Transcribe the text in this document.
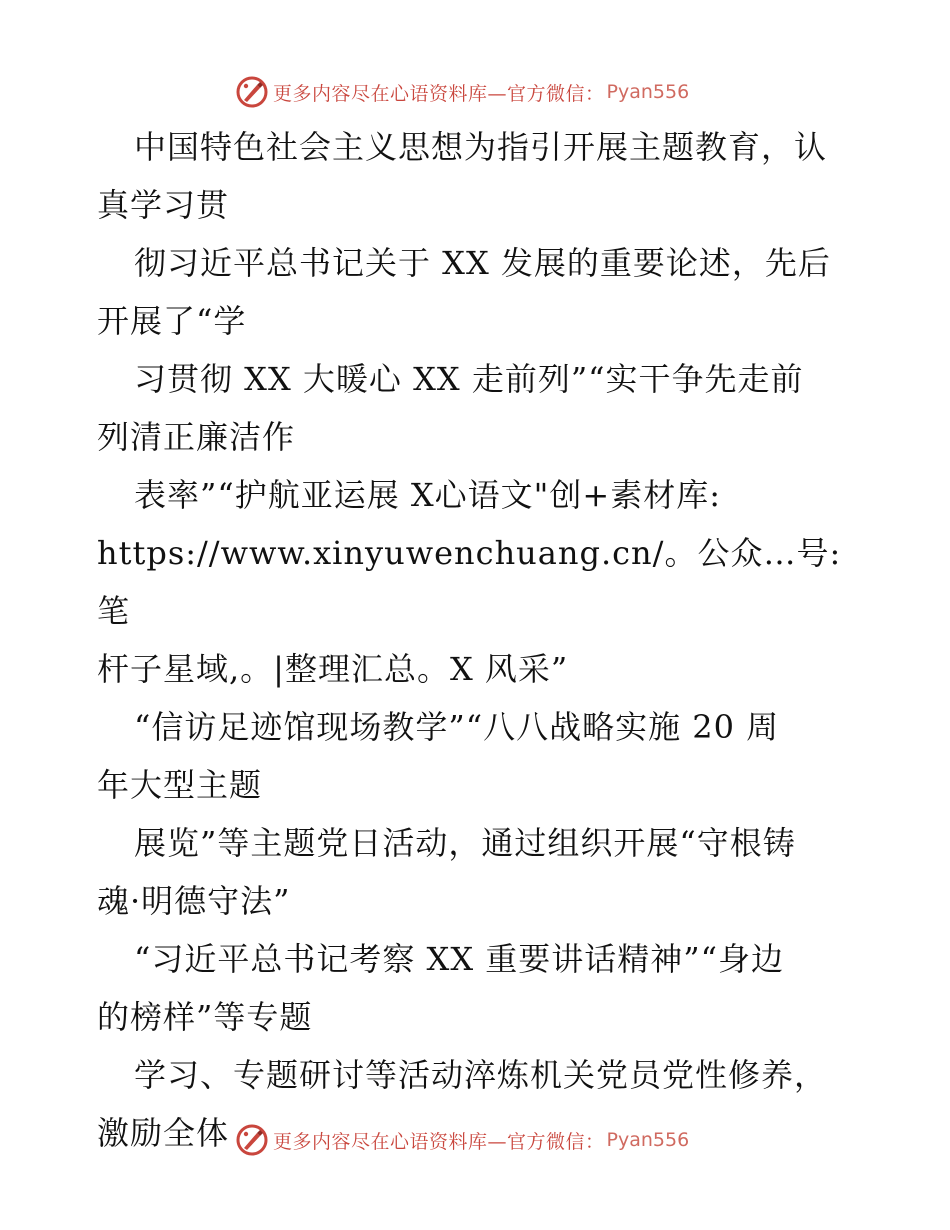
更多内容尽在心语资料库— 官方微信： Pyan556

中国特色社会主义思想为指引开展主题教育，认

真学习贯

彻习近平总书记关于 XX 发展的重要论述，先后

开展了“学

习贯彻 XX 大暖心 XX 走前列”“实干争先走前

列清正廉洁作

表率”“护航亚运展 X心语文"创+素材库:

https://www.xinyuwenchuang.cn/。公众…号: 笔

杆子星域,。|整理汇总。X 风采”

“信访足迹馆现场教学”“八八战略实施 20 周

年大型主题

展览”等主题党日活动，通过组织开展“守根铸

魂·明德守法”

“习近平总书记考察 XX 重要讲话精神”“身边

的榜样”等专题

学习、专题研讨等活动淬炼机关党员党性修养，

激励全体	更多内容尽在心语资料库— 官方微信： Pyan556
